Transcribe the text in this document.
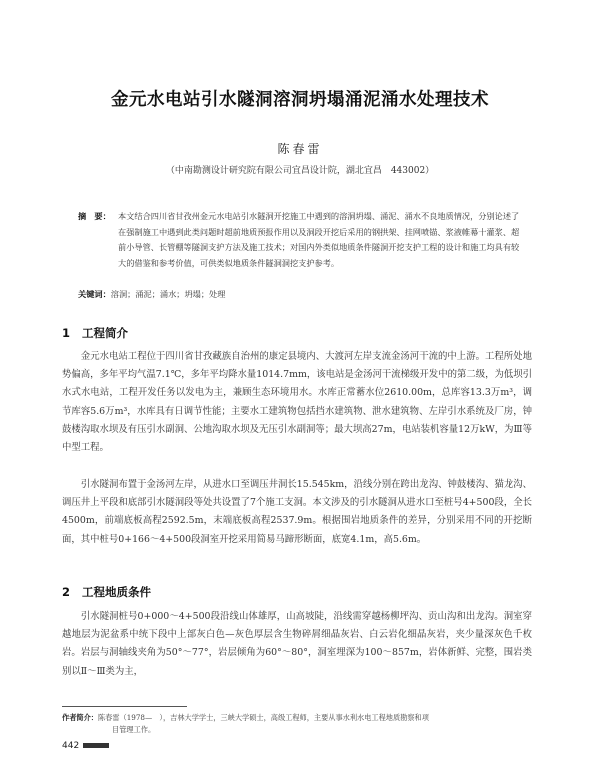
金元水电站引水隧洞溶洞坍塌涌泥涌水处理技术

陈春雷

（中南勘测设计研究院有限公司宜昌设计院，湖北宜昌　443002）

摘　要： 本文结合四川省甘孜州金元水电站引水隧洞开挖施工中遇到的溶洞坍塌、涌泥、涌水不良地质情况，分别论述了在强制施工中遇到此类问题时超前地质预报作用以及洞段开挖后采用的钢拱架、挂网喷锚、浆液帷幕十灌浆、超前小导管、长管棚等隧洞支护方法及施工技术；对国内外类似地质条件隧洞开挖支护工程的设计和施工均具有较大的借鉴和参考价值，可供类似地质条件隧洞洞挖支护参考。
关键词：溶洞；涌泥；涌水；坍塌；处理
1 工程简介

金元水电站工程位于四川省甘孜藏族自治州的康定县境内、大渡河左岸支流金汤河干流的中上游。工程所处地势偏高，多年平均气温7.1℃，多年平均降水量1014.7mm，该电站是金汤河干流梯级开发中的第二级，为低坝引水式水电站，工程开发任务以发电为主，兼顾生态环境用水。水库正常蓄水位2610.00m，总库容13.3万m³，调节库容5.6万m³，水库具有日调节性能；主要水工建筑物包括挡水建筑物、泄水建筑物、左岸引水系统及厂房，钟鼓楼沟取水坝及有压引水副洞、公地沟取水坝及无压引水副洞等；最大坝高27m，电站装机容量12万kW，为Ⅲ等中型工程。

引水隧洞布置于金汤河左岸，从进水口至调压井洞长15.545km，沿线分别在跨出龙沟、钟鼓楼沟、猫龙沟、调压井上平段和底部引水隧洞段等处共设置了7个施工支洞。本文涉及的引水隧洞从进水口至桩号4+500段，全长4500m，前端底板高程2592.5m，末端底板高程2537.9m。根据围岩地质条件的差异，分别采用不同的开挖断面，其中桩号0+166～4+500段洞室开挖采用简易马蹄形断面，底宽4.1m，高5.6m。

2 工程地质条件

引水隧洞桩号0+000～4+500段沿线山体雄厚，山高坡陡，沿线需穿越杨柳坪沟、贡山沟和出龙沟。洞室穿越地层为泥盆系中统下段中上部灰白色—灰色厚层含生物碎屑细晶灰岩、白云岩化细晶灰岩，夹少量深灰色千枚岩。岩层与洞轴线夹角为50°～77°，岩层倾角为60°～80°，洞室埋深为100～857m，岩体新鲜、完整，围岩类别以Ⅱ～Ⅲ类为主，

作者简介：陈春雷（1978—　），吉林大学学士，三峡大学硕士，高级工程师，主要从事水利水电工程地质勘察和项
目管理工作。
442
